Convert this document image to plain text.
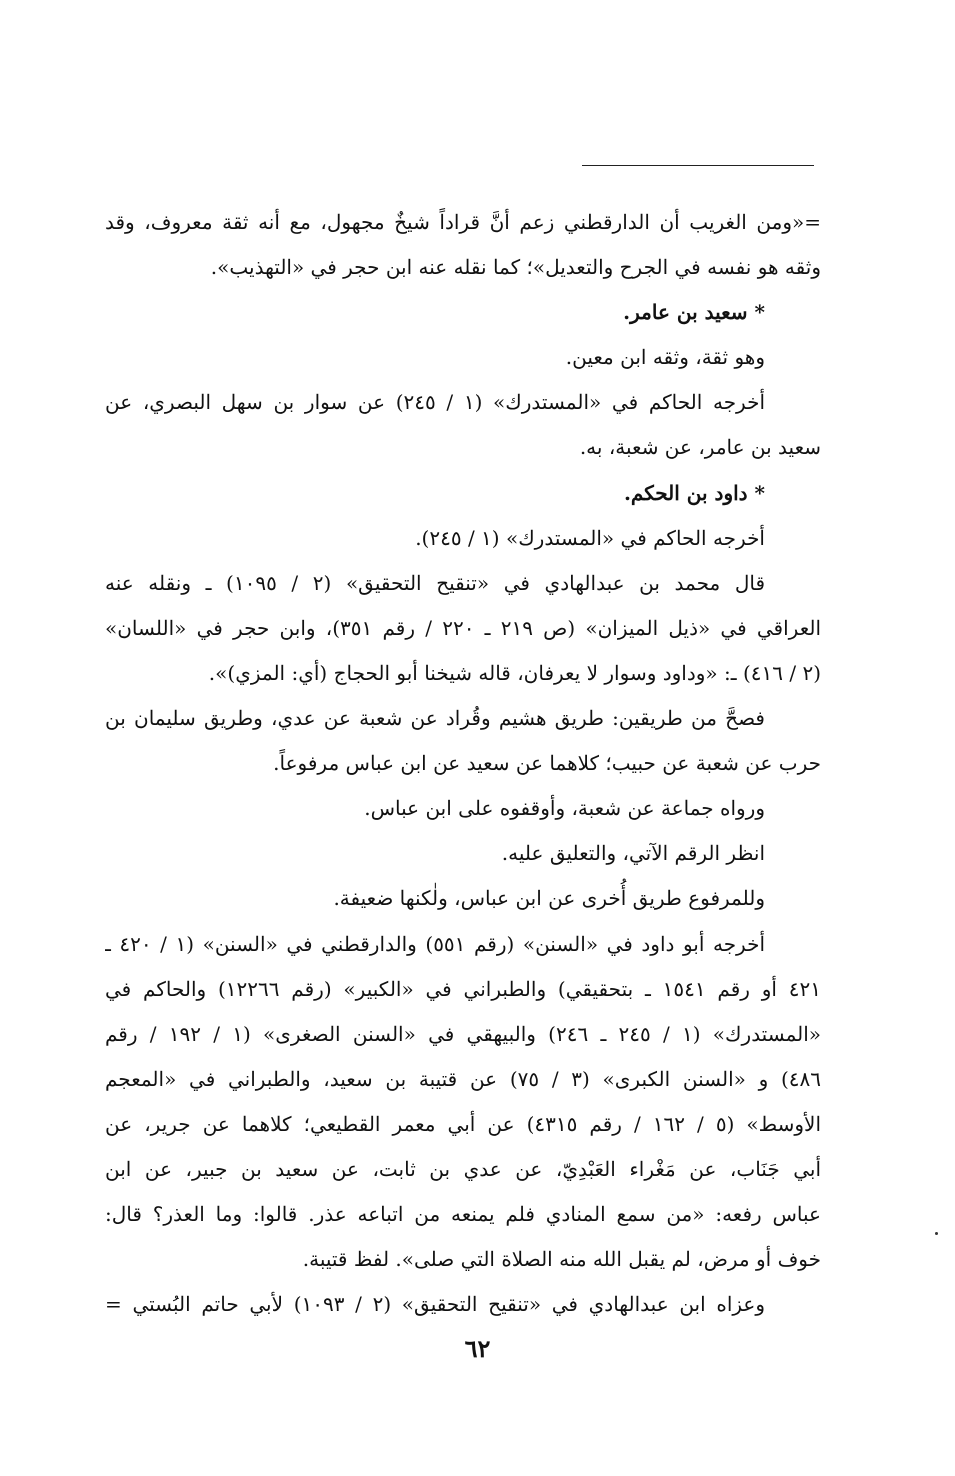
=«ومن الغريب أن الدارقطني زعم أنَّ قراداً شيخٌ مجهول، مع أنه ثقة معروف، وقد
وثقه هو نفسه في الجرح والتعديل»؛ كما نقله عنه ابن حجر في «التهذيب».
* سعيد بن عامر.
وهو ثقة، وثقه ابن معين.
أخرجه الحاكم في «المستدرك» (١ / ٢٤٥) عن سوار بن سهل البصري، عن
سعيد بن عامر، عن شعبة، به.
* داود بن الحكم.
أخرجه الحاكم في «المستدرك» (١ / ٢٤٥).
قال محمد بن عبدالهادي في «تنقيح التحقيق» (٢ / ١٠٩٥) ـ ونقله عنه
العراقي في «ذيل الميزان» (ص ٢١٩ ـ ٢٢٠ / رقم ٣٥١)، وابن حجر في «اللسان»
(٢ / ٤١٦) ـ: «وداود وسوار لا يعرفان، قاله شيخنا أبو الحجاج (أي: المزي)».
فصحَّ من طريقين: طريق هشيم وقُراد عن شعبة عن عدي، وطريق سليمان بن
حرب عن شعبة عن حبيب؛ كلاهما عن سعيد عن ابن عباس مرفوعاً.
ورواه جماعة عن شعبة، وأوقفوه على ابن عباس.
انظر الرقم الآتي، والتعليق عليه.
وللمرفوع طريق أُخرى عن ابن عباس، ولٰكنها ضعيفة.
أخرجه أبو داود في «السنن» (رقم ٥٥١) والدارقطني في «السنن» (١ / ٤٢٠ ـ
٤٢١ أو رقم ١٥٤١ ـ بتحقيقي) والطبراني في «الكبير» (رقم ١٢٢٦٦) والحاكم في
«المستدرك» (١ / ٢٤٥ ـ ٢٤٦) والبيهقي في «السنن الصغرى» (١ / ١٩٢ / رقم
٤٨٦) و «السنن الكبرى» (٣ / ٧٥) عن قتيبة بن سعيد، والطبراني في «المعجم
الأوسط» (٥ / ١٦٢ / رقم ٤٣١٥) عن أبي معمر القطيعي؛ كلاهما عن جرير، عن
أبي جَنَاب، عن مَغْراء العَبْدِيّ، عن عدي بن ثابت، عن سعيد بن جبير، عن ابن
عباس رفعه: «من سمع المنادي فلم يمنعه من اتباعه عذر. قالوا: وما العذر؟ قال:
خوف أو مرض، لم يقبل الله منه الصلاة التي صلى». لفظ قتيبة.
وعزاه ابن عبدالهادي في «تنقيح التحقيق» (٢ / ١٠٩٣) لأبي حاتم البُستي =
٦٢
